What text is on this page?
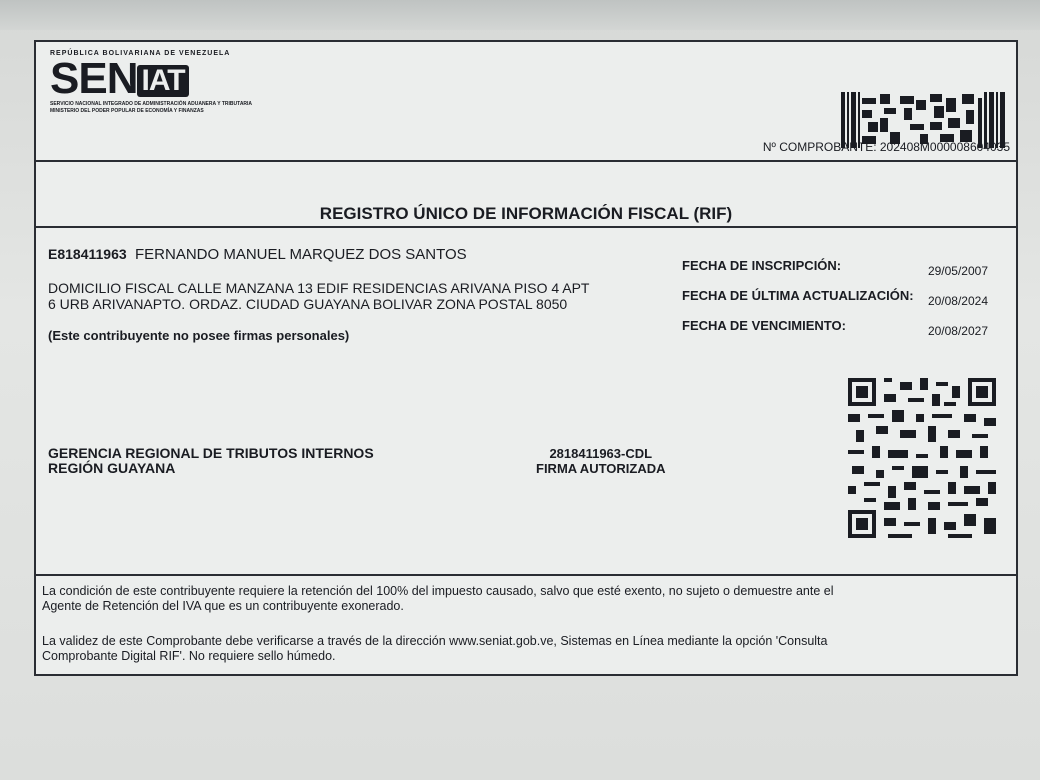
REPÚBLICA BOLIVARIANA DE VENEZUELA
SEN IAT
SERVICIO NACIONAL INTEGRADO DE ADMINISTRACIÓN ADUANERA Y TRIBUTARIA
MINISTERIO DEL PODER POPULAR DE ECONOMÍA Y FINANZAS
Nº COMPROBANTE: 202408M000008604035
REGISTRO ÚNICO DE INFORMACIÓN FISCAL (RIF)
E818411963 FERNANDO MANUEL MARQUEZ DOS SANTOS
DOMICILIO FISCAL CALLE MANZANA 13 EDIF RESIDENCIAS ARIVANA PISO 4 APT
6 URB ARIVANAPTO. ORDAZ. CIUDAD GUAYANA BOLIVAR ZONA POSTAL 8050
(Este contribuyente no posee firmas personales)
FECHA DE INSCRIPCIÓN:	29/05/2007
FECHA DE ÚLTIMA ACTUALIZACIÓN: 20/08/2024
FECHA DE VENCIMIENTO:	20/08/2027
GERENCIA REGIONAL DE TRIBUTOS INTERNOS
REGIÓN GUAYANA
2818411963-CDL
FIRMA AUTORIZADA
La condición de este contribuyente requiere la retención del 100% del impuesto causado, salvo que esté exento, no sujeto o demuestre ante el
Agente de Retención del IVA que es un contribuyente exonerado.
La validez de este Comprobante debe verificarse a través de la dirección www.seniat.gob.ve, Sistemas en Línea mediante la opción 'Consulta
Comprobante Digital RIF'. No requiere sello húmedo.
